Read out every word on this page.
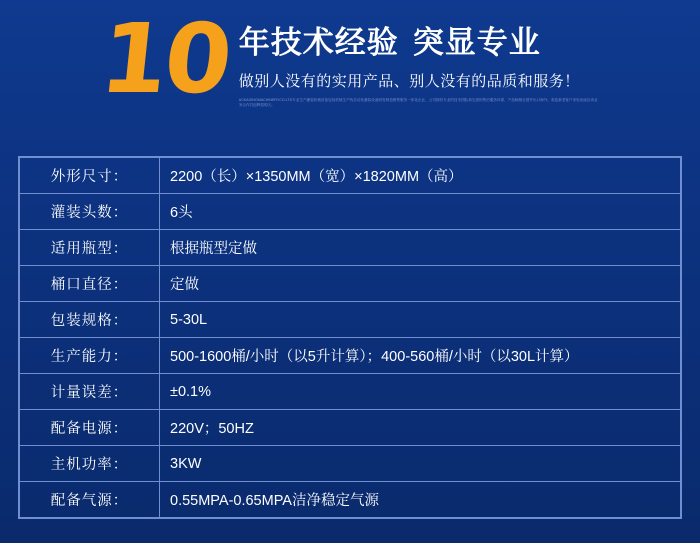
10 年技术经验 突显专业
做别人没有的实用产品、别人没有的品质和服务！
ACKAGINGMACHINERYCO.LTD专业生产灌装机械设备包装机械生产线自动化灌装设备研发制造销售服务一体化企业，公司拥有专业的技术团队和完善的售后服务体系，产品畅销全国并出口海外。欢迎新老客户来电来函洽谈业务合作共创辉煌明天。
外形尺寸：	2200（长）×1350MM（宽）×1820MM（高）
灌装头数：	6头
适用瓶型：	根据瓶型定做
桶口直径：	定做
包装规格：	5-30L
生产能力：	500-1600桶/小时（以5升计算）；400-560桶/小时（以30L计算）
计量误差：	±0.1%
配备电源：	220V；50HZ
主机功率：	3KW
配备气源：	0.55MPA-0.65MPA洁净稳定气源
